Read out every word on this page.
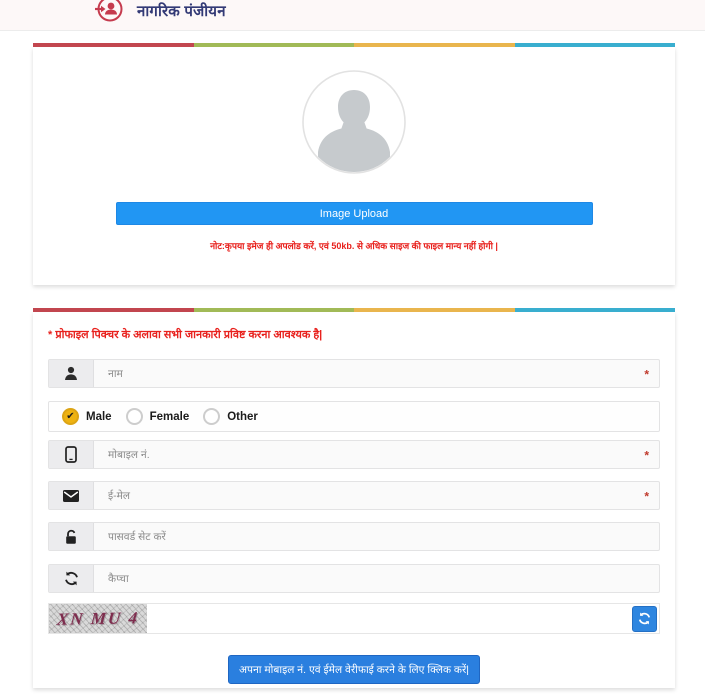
नागरिक पंजीयन
Image Upload
नोट:कृपया इमेज ही अपलोड करें, एवं 50kb. से अधिक साइज की फाइल मान्य नहीं होगी |
* प्रोफाइल पिक्चर के अलावा सभी जानकारी प्रविष्ट करना आवश्यक है|
नाम
*
✔ Male	Female	Other
मोबाइल नं.
*
ई-मेल
*
कैप्चा
XN MU 4
अपना मोबाइल नं. एवं ईमेल वेरीफाई करने के लिए क्लिक करें|
